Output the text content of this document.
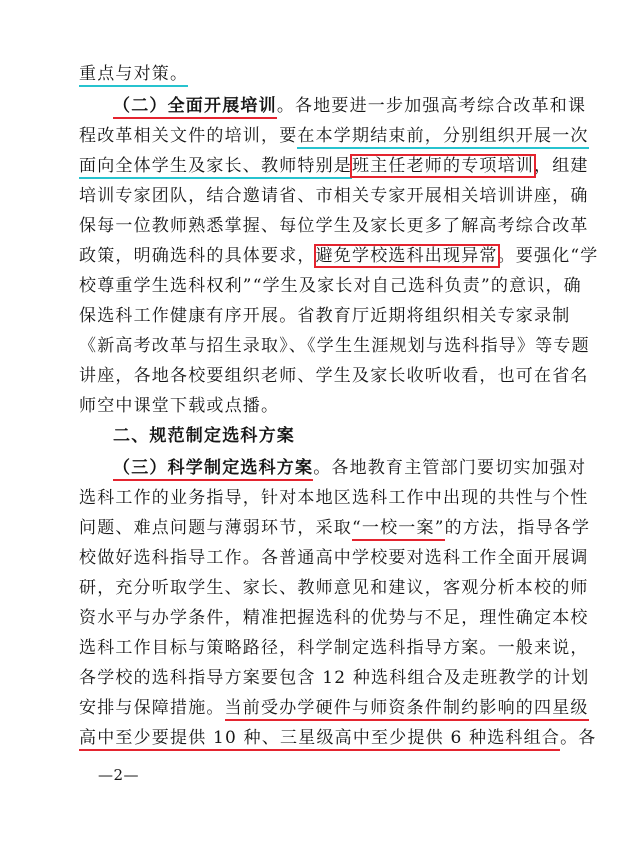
重点与对策。
（二）全面开展培训。各地要进一步加强高考综合改革和课
程改革相关文件的培训，要在本学期结束前，分别组织开展一次
面向全体学生及家长、教师特别是班主任老师的专项培训，组建
培训专家团队，结合邀请省、市相关专家开展相关培训讲座，确
保每一位教师熟悉掌握、每位学生及家长更多了解高考综合改革
政策，明确选科的具体要求，避免学校选科出现异常。要强化“学
校尊重学生选科权利”“学生及家长对自己选科负责”的意识，确
保选科工作健康有序开展。省教育厅近期将组织相关专家录制
《新高考改革与招生录取》、《学生生涯规划与选科指导》等专题
讲座，各地各校要组织老师、学生及家长收听收看，也可在省名
师空中课堂下载或点播。
二、规范制定选科方案
（三）科学制定选科方案。各地教育主管部门要切实加强对
选科工作的业务指导，针对本地区选科工作中出现的共性与个性
问题、难点问题与薄弱环节，采取“一校一案”的方法，指导各学
校做好选科指导工作。各普通高中学校要对选科工作全面开展调
研，充分听取学生、家长、教师意见和建议，客观分析本校的师
资水平与办学条件，精准把握选科的优势与不足，理性确定本校
选科工作目标与策略路径，科学制定选科指导方案。一般来说，
各学校的选科指导方案要包含 12 种选科组合及走班教学的计划
安排与保障措施。当前受办学硬件与师资条件制约影响的四星级
高中至少要提供 10 种、三星级高中至少提供 6 种选科组合。各
—2—
